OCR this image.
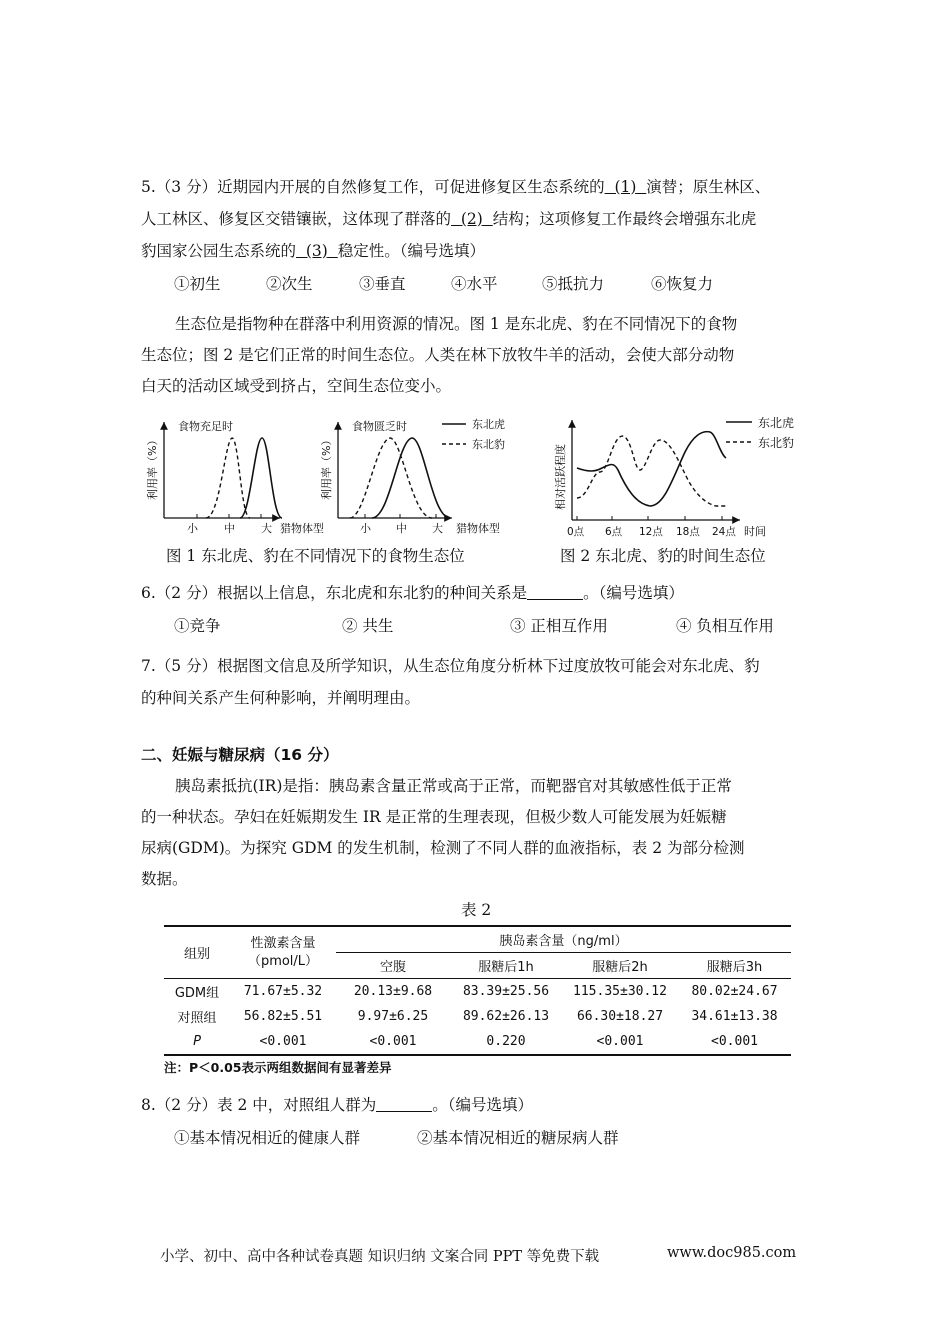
5.（3 分）近期园内开展的自然修复工作，可促进修复区生态系统的 (1) 演替；原生林区、
人工林区、修复区交错镶嵌，这体现了群落的 (2) 结构；这项修复工作最终会增强东北虎
豹国家公园生态系统的 (3) 稳定性。（编号选填）
①初生	②次生	③垂直	④水平	⑤抵抗力	⑥恢复力
生态位是指物种在群落中利用资源的情况。图 1 是东北虎、豹在不同情况下的食物
生态位；图 2 是它们正常的时间生态位。人类在林下放牧牛羊的活动，会使大部分动物
白天的活动区域受到挤占，空间生态位变小。
食物充足时
利用率（%）
小 中 大 猎物体型
食物匮乏时
利用率（%）
小 中 大 猎物体型
东北虎
东北豹	相对活跃程度
0点 6点 12点 18点 24点 时间
东北虎
东北豹
图 1 东北虎、豹在不同情况下的食物生态位	图 2 东北虎、豹的时间生态位
6.（2 分）根据以上信息，东北虎和东北豹的种间关系是	。（编号选填）
①竞争	② 共生	③ 正相互作用	④ 负相互作用
7.（5 分）根据图文信息及所学知识，从生态位角度分析林下过度放牧可能会对东北虎、豹
的种间关系产生何种影响，并阐明理由。
二、妊娠与糖尿病（16 分）
胰岛素抵抗(IR)是指：胰岛素含量正常或高于正常，而靶器官对其敏感性低于正常
的一种状态。孕妇在妊娠期发生 IR 是正常的生理表现，但极少数人可能发展为妊娠糖
尿病(GDM)。为探究 GDM 的发生机制，检测了不同人群的血液指标，表 2 为部分检测
数据。
表 2
组别	性激素含量
（pmol/L）	胰岛素含量（ng/ml）			
		空腹	服糖后1h	服糖后2h	服糖后3h
GDM组	71.67±5.32	20.13±9.68	83.39±25.56	115.35±30.12	80.02±24.67
对照组	56.82±5.51	9.97±6.25	89.62±26.13	66.30±18.27	34.61±13.38
P	<0.001	<0.001	0.220	<0.001	<0.001
注：P＜0.05表示两组数据间有显著差异
8.（2 分）表 2 中，对照组人群为	。（编号选填）
①基本情况相近的健康人群	②基本情况相近的糖尿病人群
小学、初中、高中各种试卷真题 知识归纳 文案合同 PPT 等免费下载	www.doc985.com
